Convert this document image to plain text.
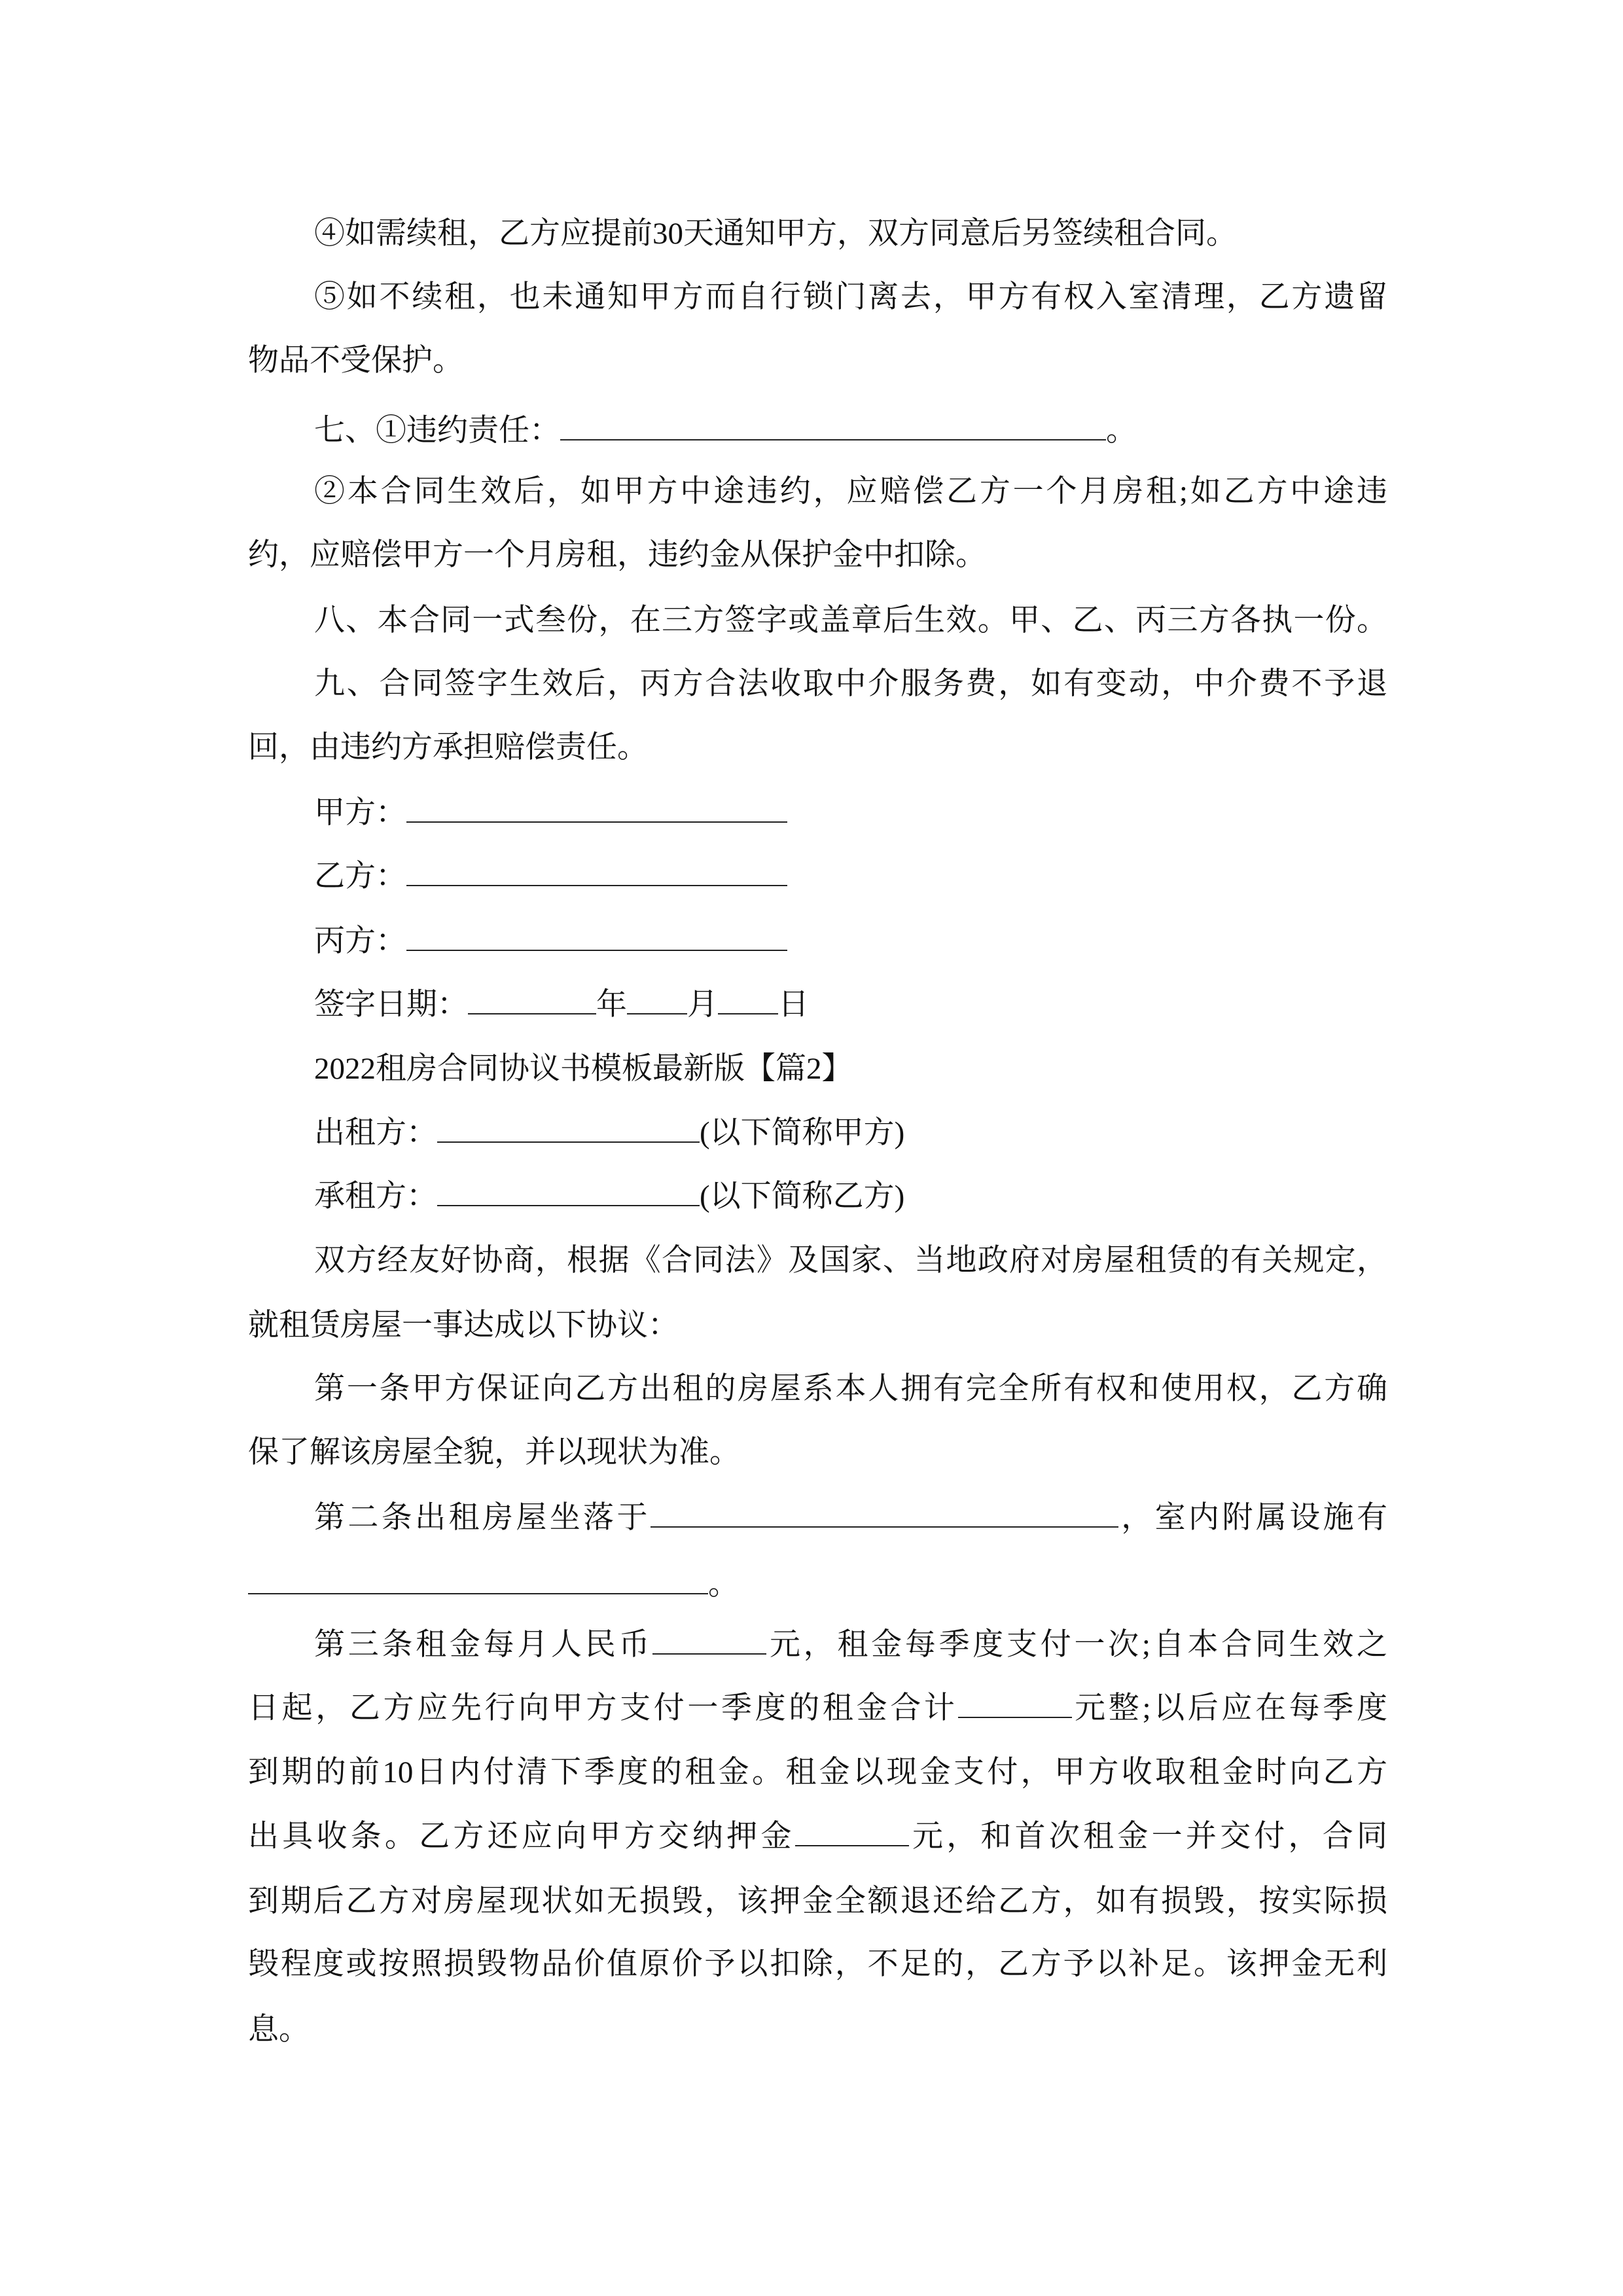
④如需续租，乙方应提前30天通知甲方，双方同意后另签续租合同。
⑤如不续租，也未通知甲方而自行锁门离去，甲方有权入室清理，乙方遗留
物品不受保护。
七、①违约责任：	。
②本合同生效后，如甲方中途违约，应赔偿乙方一个月房租;如乙方中途违
约，应赔偿甲方一个月房租，违约金从保护金中扣除。
八、本合同一式叁份，在三方签字或盖章后生效。甲、乙、丙三方各执一份。
九、合同签字生效后，丙方合法收取中介服务费，如有变动，中介费不予退
回，由违约方承担赔偿责任。
甲方：
乙方：
丙方：
签字日期：	年 月 日
2022租房合同协议书模板最新版【篇2】
出租方：	(以下简称甲方)
承租方：	(以下简称乙方)
双方经友好协商，根据《合同法》及国家、当地政府对房屋租赁的有关规定，
就租赁房屋一事达成以下协议：
第一条甲方保证向乙方出租的房屋系本人拥有完全所有权和使用权，乙方确
保了解该房屋全貌，并以现状为准。
第二条出租房屋坐落于	，室内附属设施有
。
第三条租金每月人民币	元，租金每季度支付一次;自本合同生效之
日起，乙方应先行向甲方支付一季度的租金合计	元整;以后应在每季度
到期的前10日内付清下季度的租金。租金以现金支付，甲方收取租金时向乙方
出具收条。乙方还应向甲方交纳押金	元，和首次租金一并交付，合同
到期后乙方对房屋现状如无损毁，该押金全额退还给乙方，如有损毁，按实际损
毁程度或按照损毁物品价值原价予以扣除，不足的，乙方予以补足。该押金无利
息。
